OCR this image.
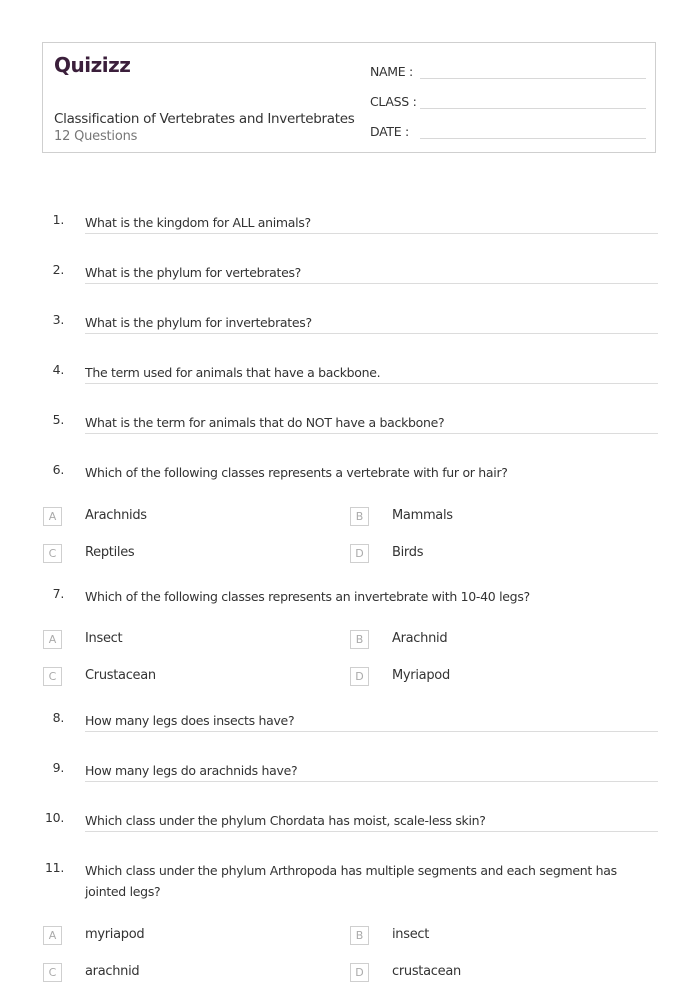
Quizizz
Classification of Vertebrates and Invertebrates
12 Questions
NAME :
CLASS :
DATE :
1. What is the kingdom for ALL animals?
2. What is the phylum for vertebrates?
3. What is the phylum for invertebrates?
4. The term used for animals that have a backbone.
5. What is the term for animals that do NOT have a backbone?
6. Which of the following classes represents a vertebrate with fur or hair?
A	Arachnids	B	Mammals
C	Reptiles	D	Birds
7. Which of the following classes represents an invertebrate with 10-40 legs?
A	Insect	B	Arachnid
C	Crustacean	D	Myriapod
8. How many legs does insects have?
9. How many legs do arachnids have?
10. Which class under the phylum Chordata has moist, scale-less skin?
11. Which class under the phylum Arthropoda has multiple segments and each segment has jointed legs?
A	myriapod	B	insect
C	arachnid	D	crustacean
